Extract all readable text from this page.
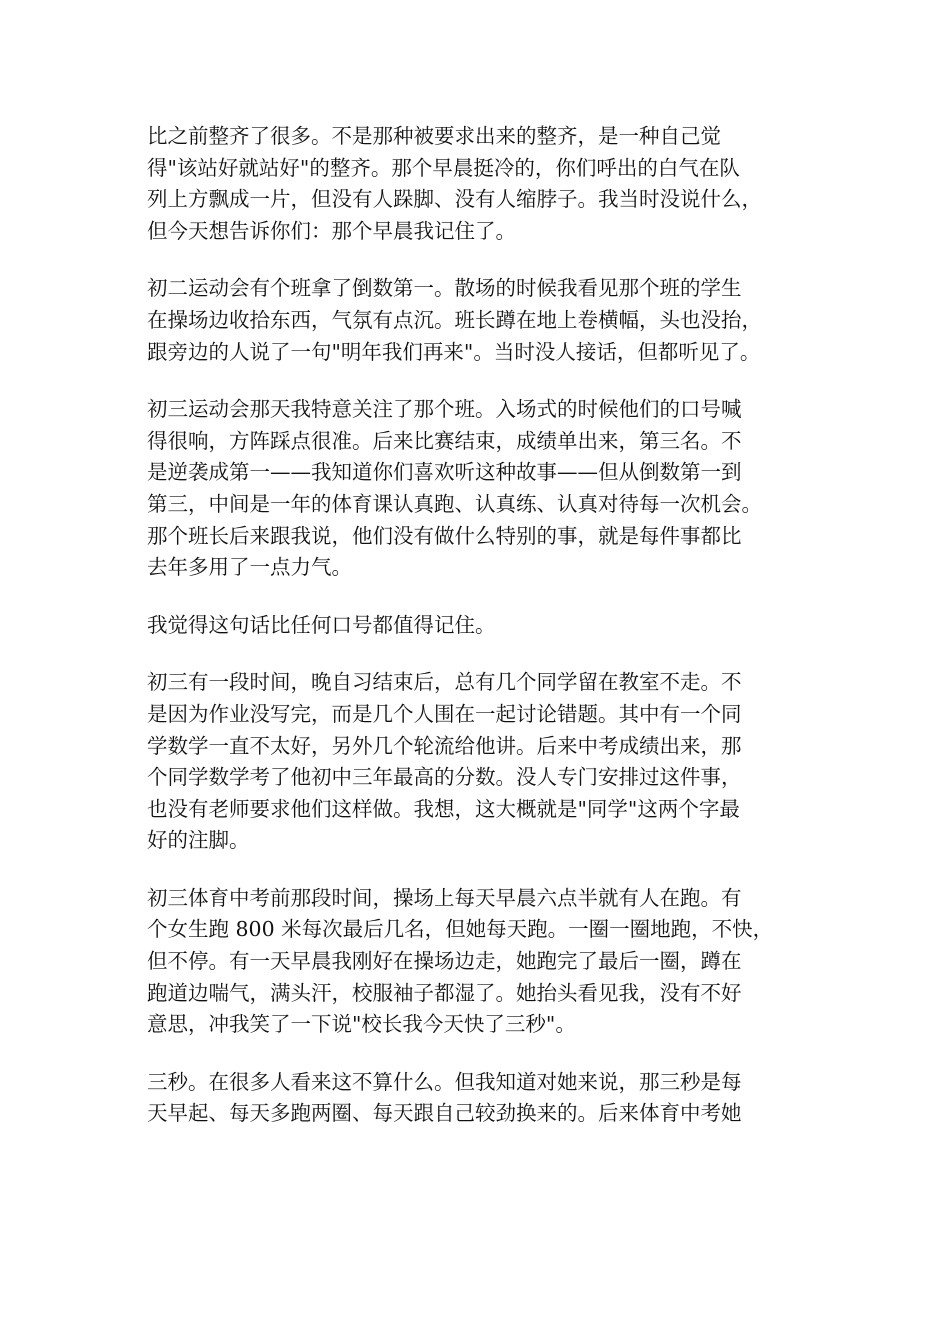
比之前整齐了很多。不是那种被要求出来的整齐，是一种自己觉
得"该站好就站好"的整齐。那个早晨挺冷的，你们呼出的白气在队
列上方飘成一片，但没有人跺脚、没有人缩脖子。我当时没说什么，
但今天想告诉你们：那个早晨我记住了。

初二运动会有个班拿了倒数第一。散场的时候我看见那个班的学生
在操场边收拾东西，气氛有点沉。班长蹲在地上卷横幅，头也没抬，
跟旁边的人说了一句"明年我们再来"。当时没人接话，但都听见了。

初三运动会那天我特意关注了那个班。入场式的时候他们的口号喊
得很响，方阵踩点很准。后来比赛结束，成绩单出来，第三名。不
是逆袭成第一——我知道你们喜欢听这种故事——但从倒数第一到
第三，中间是一年的体育课认真跑、认真练、认真对待每一次机会。
那个班长后来跟我说，他们没有做什么特别的事，就是每件事都比
去年多用了一点力气。

我觉得这句话比任何口号都值得记住。

初三有一段时间，晚自习结束后，总有几个同学留在教室不走。不
是因为作业没写完，而是几个人围在一起讨论错题。其中有一个同
学数学一直不太好，另外几个轮流给他讲。后来中考成绩出来，那
个同学数学考了他初中三年最高的分数。没人专门安排过这件事，
也没有老师要求他们这样做。我想，这大概就是"同学"这两个字最
好的注脚。

初三体育中考前那段时间，操场上每天早晨六点半就有人在跑。有
个女生跑 800 米每次最后几名，但她每天跑。一圈一圈地跑，不快，
但不停。有一天早晨我刚好在操场边走，她跑完了最后一圈，蹲在
跑道边喘气，满头汗，校服袖子都湿了。她抬头看见我，没有不好
意思，冲我笑了一下说"校长我今天快了三秒"。

三秒。在很多人看来这不算什么。但我知道对她来说，那三秒是每
天早起、每天多跑两圈、每天跟自己较劲换来的。后来体育中考她
